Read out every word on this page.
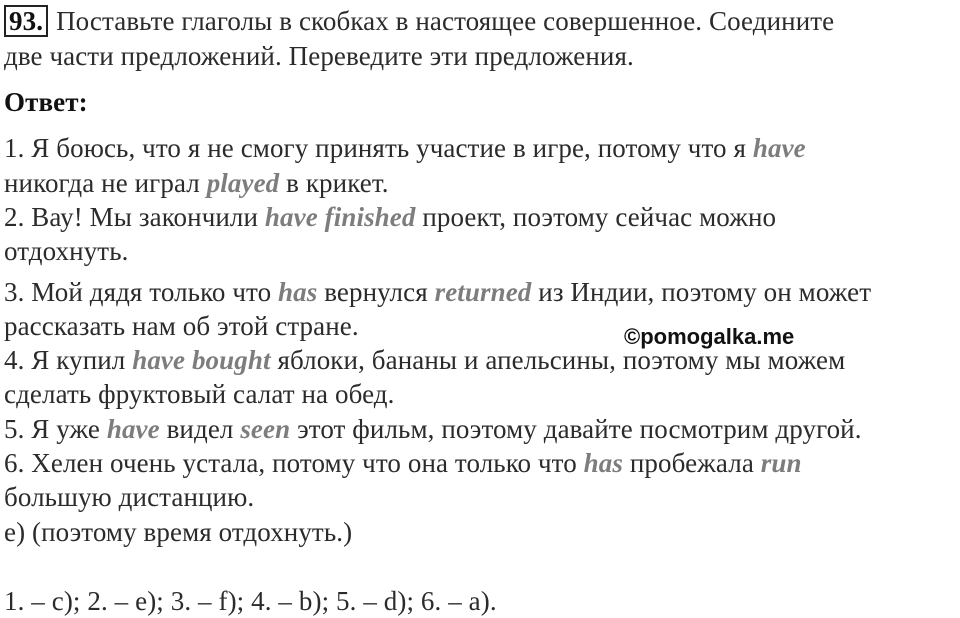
93. Поставьте глаголы в скобках в настоящее совершенное. Соедините
две части предложений. Переведите эти предложения.
Ответ:
1. Я боюсь, что я не смогу принять участие в игре, потому что я have
никогда не играл played в крикет.
2. Вау! Мы закончили have finished проект, поэтому сейчас можно
отдохнуть.
3. Мой дядя только что has вернулся returned из Индии, поэтому он может
рассказать нам об этой стране.	©pomogalka.me
4. Я купил have bought яблоки, бананы и апельсины, поэтому мы можем
сделать фруктовый салат на обед.
5. Я уже have видел seen этот фильм, поэтому давайте посмотрим другой.
6. Хелен очень устала, потому что она только что has пробежала run
большую дистанцию.
е) (поэтому время отдохнуть.)
1. – c); 2. – e); 3. – f); 4. – b); 5. – d); 6. – a).
